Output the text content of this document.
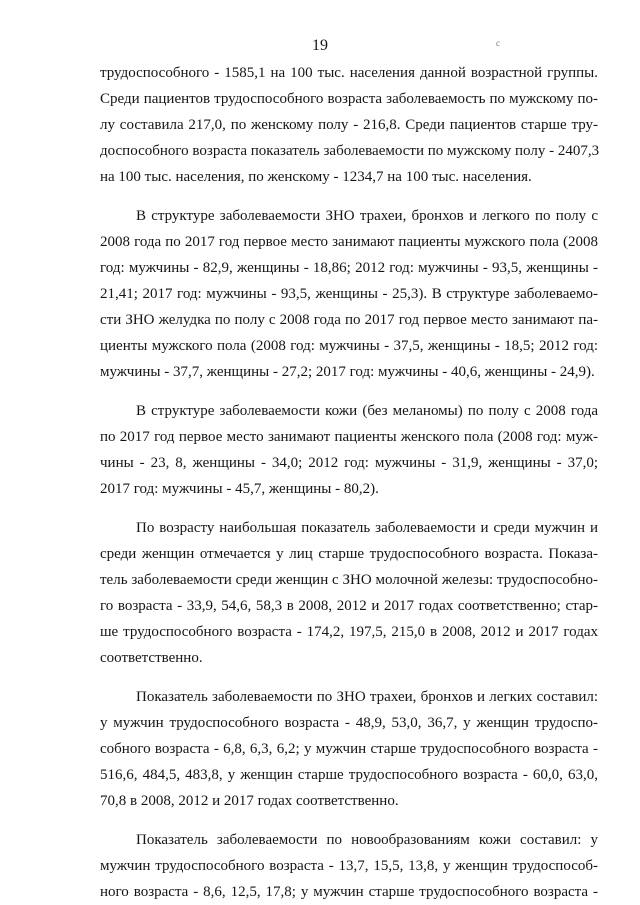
19	с
трудоспособного - 1585,1 на 100 тыс. населения данной возрастной группы.
Среди пациентов трудоспособного возраста заболеваемость по мужскому по-
лу составила 217,0, по женскому полу - 216,8. Среди пациентов старше тру-
доспособного возраста показатель заболеваемости по мужскому полу - 2407,3
на 100 тыс. населения, по женскому - 1234,7 на 100 тыс. населения.
В структуре заболеваемости ЗНО трахеи, бронхов и легкого по полу с
2008 года по 2017 год первое место занимают пациенты мужского пола (2008
год: мужчины - 82,9, женщины - 18,86; 2012 год: мужчины - 93,5, женщины -
21,41; 2017 год: мужчины - 93,5, женщины - 25,3). В структуре заболеваемо-
сти ЗНО желудка по полу с 2008 года по 2017 год первое место занимают па-
циенты мужского пола (2008 год: мужчины - 37,5, женщины - 18,5; 2012 год:
мужчины - 37,7, женщины - 27,2; 2017 год: мужчины - 40,6, женщины - 24,9).
В структуре заболеваемости кожи (без меланомы) по полу с 2008 года
по 2017 год первое место занимают пациенты женского пола (2008 год: муж-
чины - 23, 8, женщины - 34,0; 2012 год: мужчины - 31,9, женщины - 37,0;
2017 год: мужчины - 45,7, женщины - 80,2).
По возрасту наибольшая показатель заболеваемости и среди мужчин и
среди женщин отмечается у лиц старше трудоспособного возраста. Показа-
тель заболеваемости среди женщин с ЗНО молочной железы: трудоспособно-
го возраста - 33,9, 54,6, 58,3 в 2008, 2012 и 2017 годах соответственно; стар-
ше трудоспособного возраста - 174,2, 197,5, 215,0 в 2008, 2012 и 2017 годах
соответственно.
Показатель заболеваемости по ЗНО трахеи, бронхов и легких составил:
у мужчин трудоспособного возраста - 48,9, 53,0, 36,7, у женщин трудоспо-
собного возраста - 6,8, 6,3, 6,2; у мужчин старше трудоспособного возраста -
516,6, 484,5, 483,8, у женщин старше трудоспособного возраста - 60,0, 63,0,
70,8 в 2008, 2012 и 2017 годах соответственно.
Показатель заболеваемости по новообразованиям кожи составил: у
мужчин трудоспособного возраста - 13,7, 15,5, 13,8, у женщин трудоспособ-
ного возраста - 8,6, 12,5, 17,8; у мужчин старше трудоспособного возраста -
